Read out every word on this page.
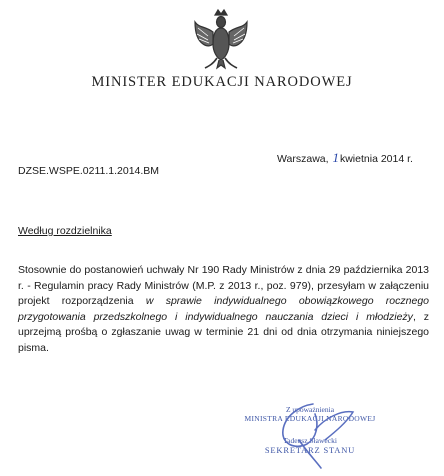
MINISTER EDUKACJI NARODOWEJ
Warszawa, 1kwietnia 2014 r.
DZSE.WSPE.0211.1.2014.BM
Według rozdzielnika
Stosownie do postanowień uchwały Nr 190 Rady Ministrów z dnia 29 października 2013 r. - Regulamin pracy Rady Ministrów (M.P. z 2013 r., poz. 979), przesyłam w załączeniu projekt rozporządzenia w sprawie indywidualnego obowiązkowego rocznego przygotowania przedszkolnego i indywidualnego nauczania dzieci i młodzieży, z uprzejmą prośbą o zgłaszanie uwag w terminie 21 dni od dnia otrzymania niniejszego pisma.
Z upoważnienia
MINISTRA EDUKACJI NARODOWEJ
Tadeusz Sławecki
SEKRETARZ STANU
